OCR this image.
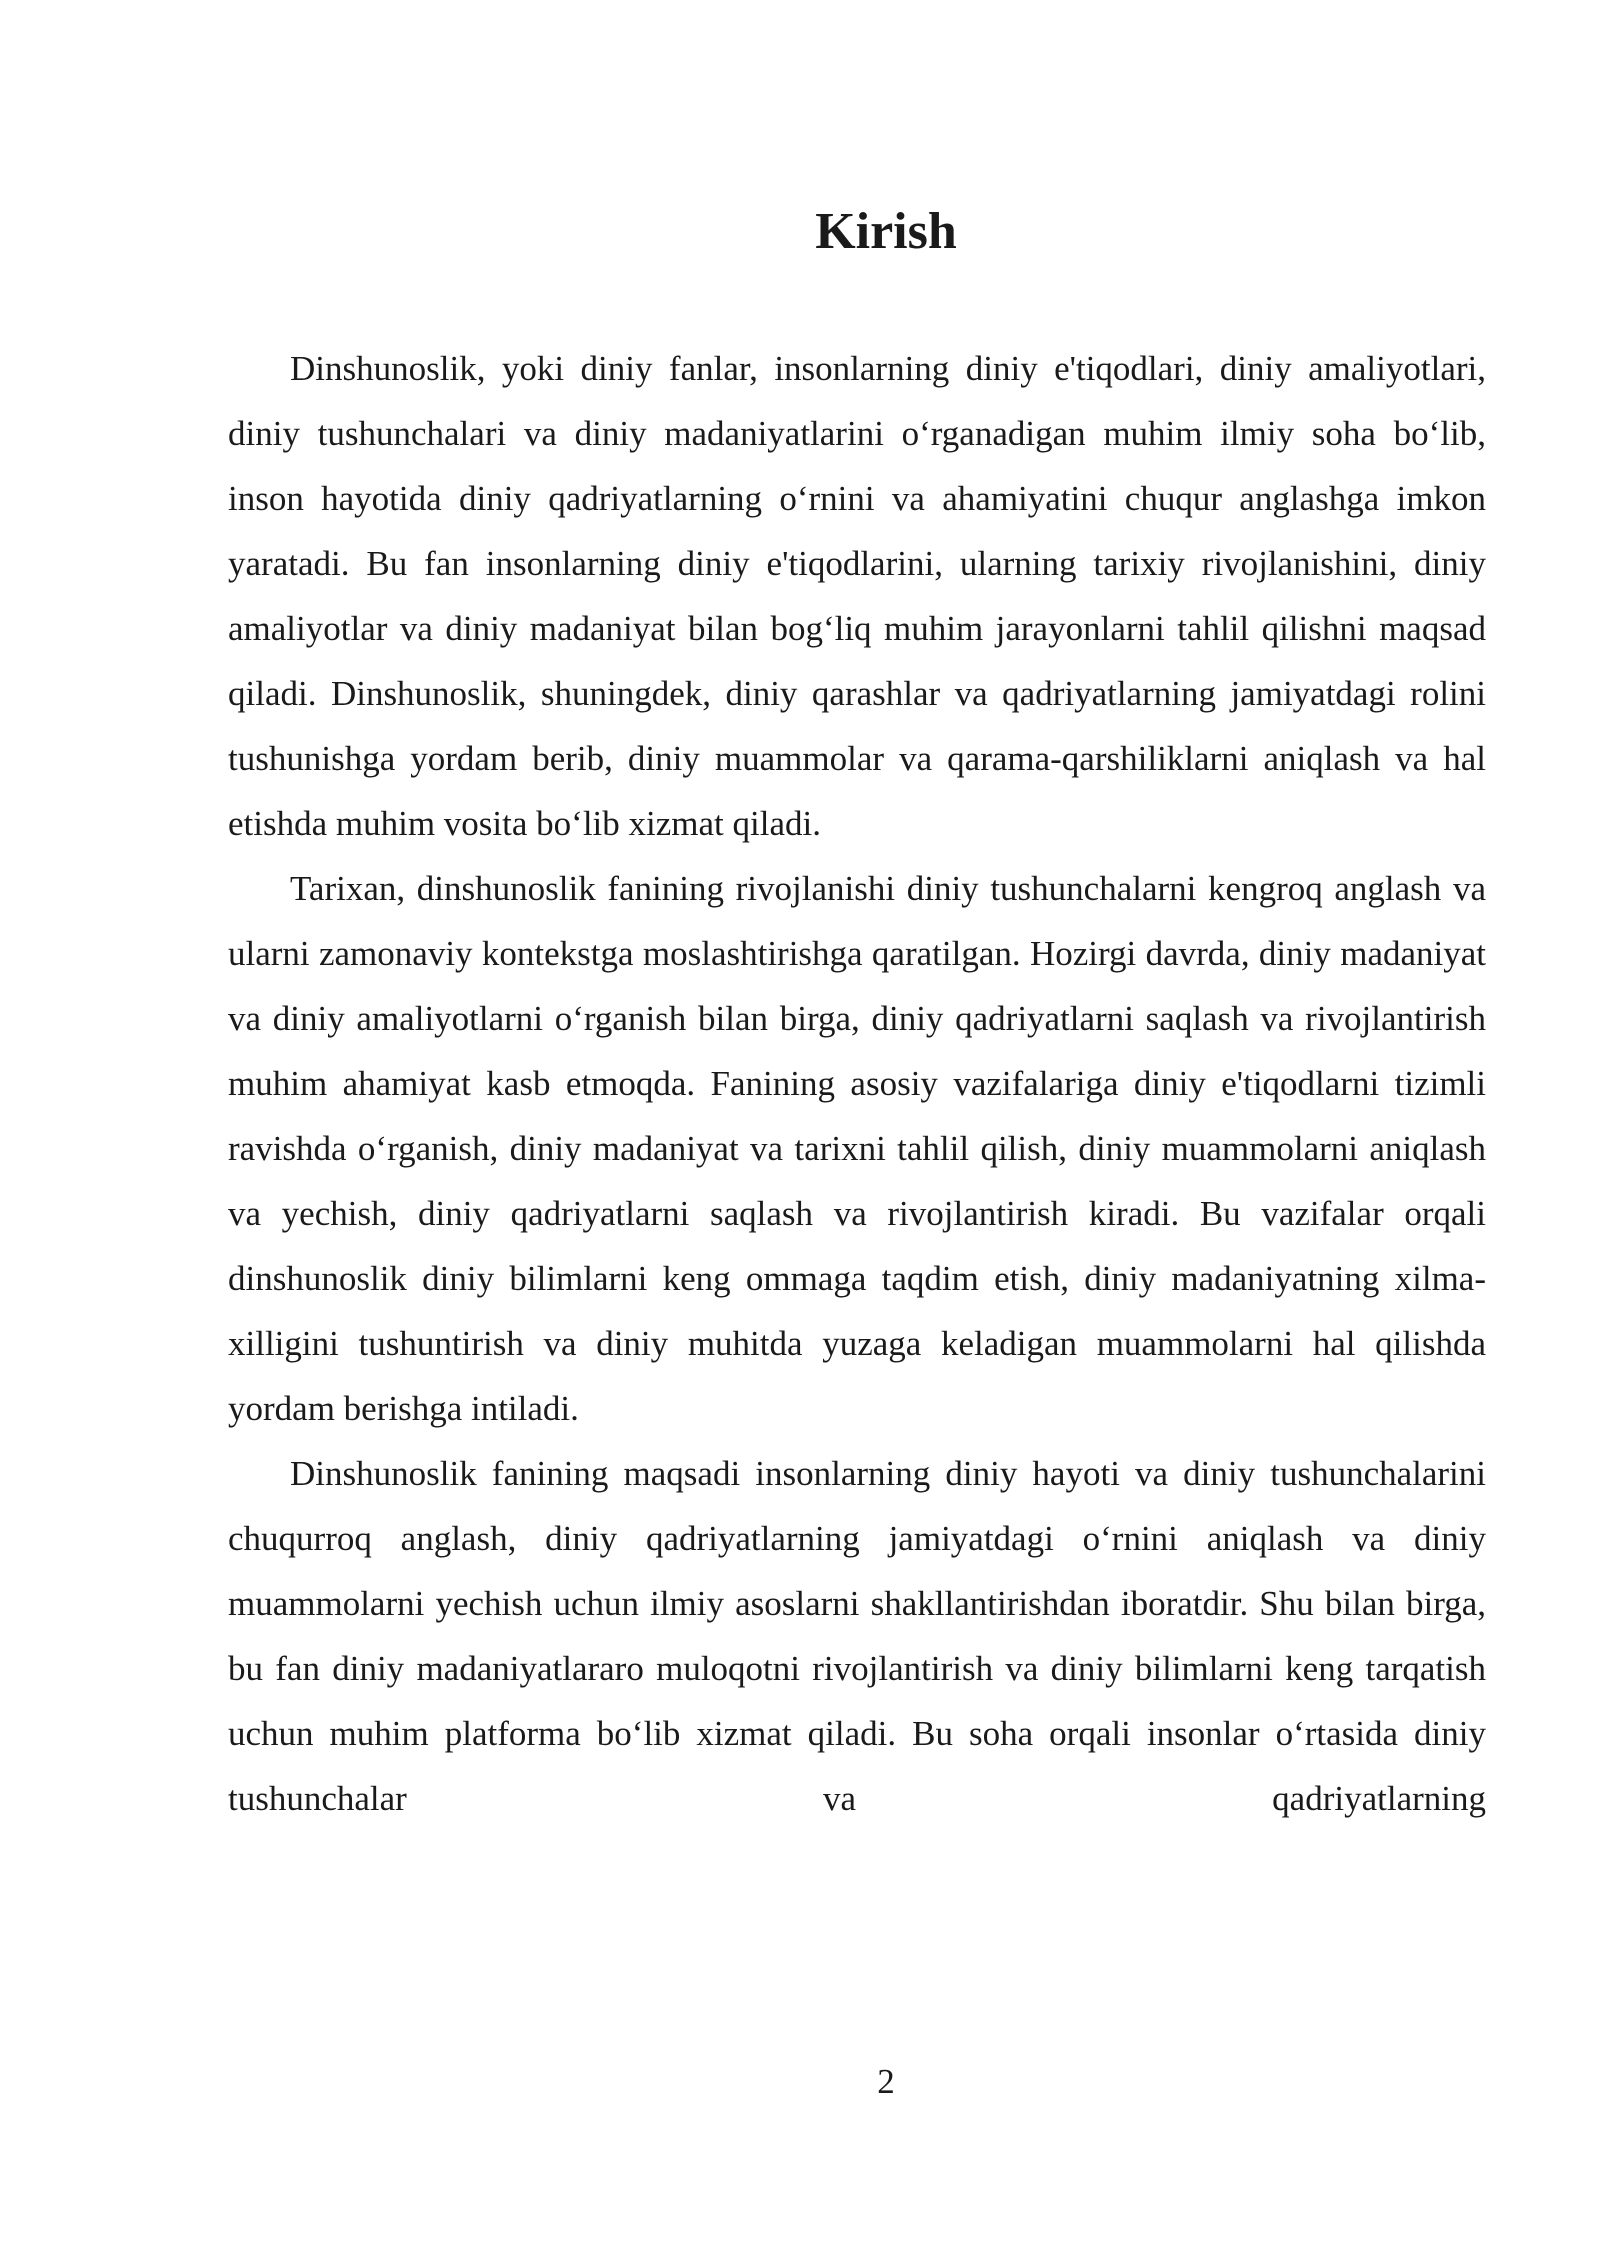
Kirish

Dinshunoslik, yoki diniy fanlar, insonlarning diniy e'tiqodlari, diniy amaliyotlari, diniy tushunchalari va diniy madaniyatlarini o‘rganadigan muhim ilmiy soha bo‘lib, inson hayotida diniy qadriyatlarning o‘rnini va ahamiyatini chuqur anglashga imkon yaratadi. Bu fan insonlarning diniy e'tiqodlarini, ularning tarixiy rivojlanishini, diniy amaliyotlar va diniy madaniyat bilan bog‘liq muhim jarayonlarni tahlil qilishni maqsad qiladi. Dinshunoslik, shuningdek, diniy qarashlar va qadriyatlarning jamiyatdagi rolini tushunishga yordam berib, diniy muammolar va qarama-qarshiliklarni aniqlash va hal etishda muhim vosita bo‘lib xizmat qiladi.

Tarixan, dinshunoslik fanining rivojlanishi diniy tushunchalarni kengroq anglash va ularni zamonaviy kontekstga moslashtirishga qaratilgan. Hozirgi davrda, diniy madaniyat va diniy amaliyotlarni o‘rganish bilan birga, diniy qadriyatlarni saqlash va rivojlantirish muhim ahamiyat kasb etmoqda. Fanining asosiy vazifalariga diniy e'tiqodlarni tizimli ravishda o‘rganish, diniy madaniyat va tarixni tahlil qilish, diniy muammolarni aniqlash va yechish, diniy qadriyatlarni saqlash va rivojlantirish kiradi. Bu vazifalar orqali dinshunoslik diniy bilimlarni keng ommaga taqdim etish, diniy madaniyatning xilma-xilligini tushuntirish va diniy muhitda yuzaga keladigan muammolarni hal qilishda yordam berishga intiladi.

Dinshunoslik fanining maqsadi insonlarning diniy hayoti va diniy tushunchalarini chuqurroq anglash, diniy qadriyatlarning jamiyatdagi o‘rnini aniqlash va diniy muammolarni yechish uchun ilmiy asoslarni shakllantirishdan iboratdir. Shu bilan birga, bu fan diniy madaniyatlararo muloqotni rivojlantirish va diniy bilimlarni keng tarqatish uchun muhim platforma bo‘lib xizmat qiladi. Bu soha orqali insonlar o‘rtasida diniy tushunchalar va qadriyatlarning

2
